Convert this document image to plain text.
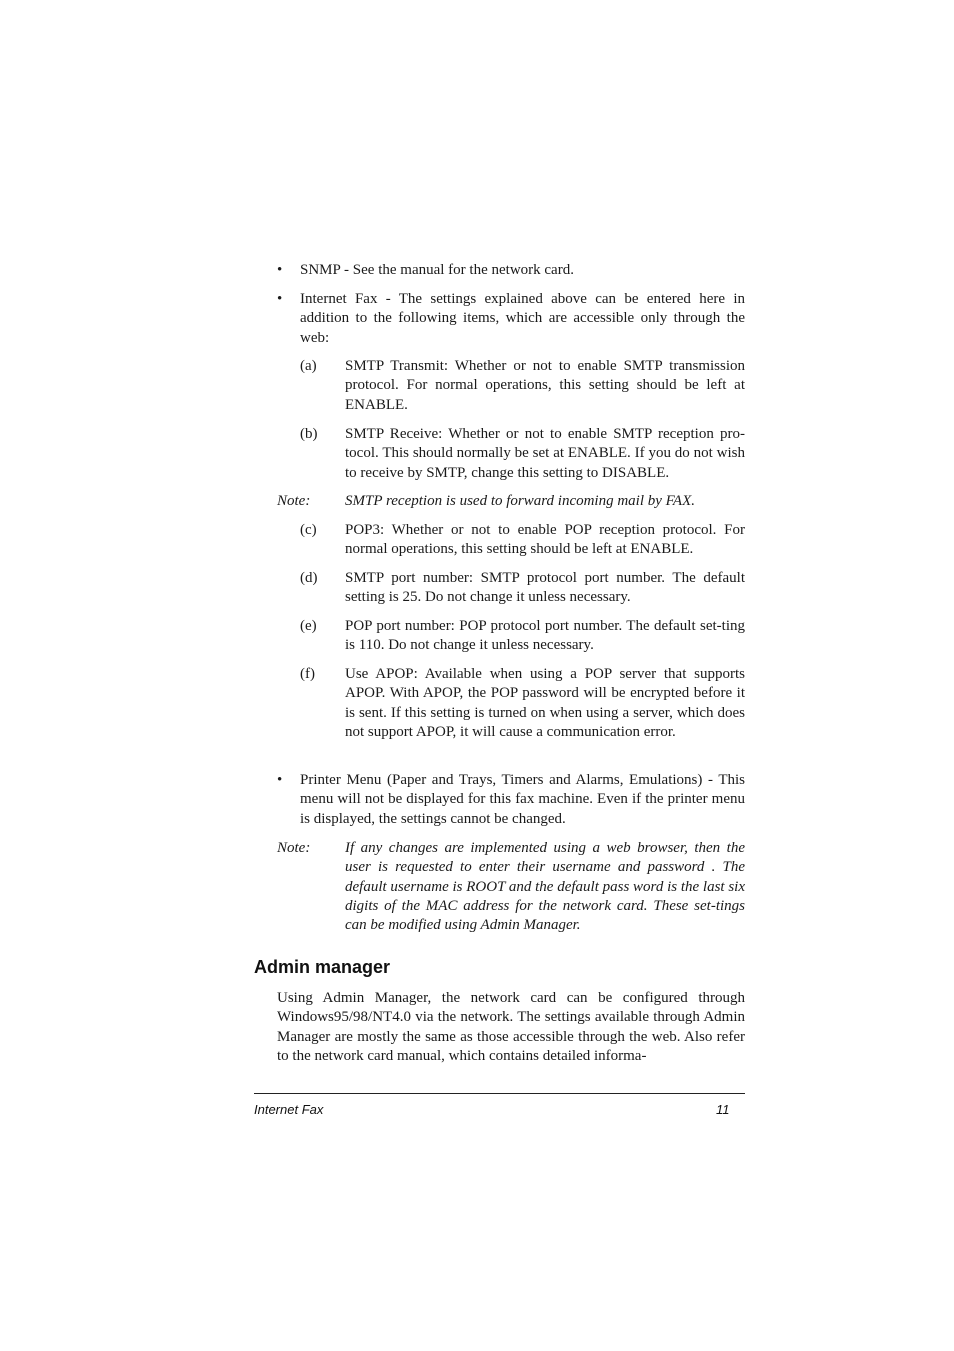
•	SNMP - See the manual for the network card.
•	Internet Fax - The settings explained above can be entered here in addition to the following items, which are accessible only through the web:
(a)	SMTP Transmit: Whether or not to enable SMTP transmission protocol. For normal operations, this setting should be left at ENABLE.
(b)	SMTP Receive: Whether or not to enable SMTP reception pro-tocol. This should normally be set at ENABLE. If you do not wish to receive by SMTP, change this setting to DISABLE.
Note:	SMTP reception is used to forward incoming mail by FAX.
(c)	POP3: Whether or not to enable POP reception protocol. For normal operations, this setting should be left at ENABLE.
(d)	SMTP port number: SMTP protocol port number. The default setting is 25. Do not change it unless necessary.
(e)	POP port number: POP protocol port number. The default set-ting is 110. Do not change it unless necessary.
(f)	Use APOP: Available when using a POP server that supports APOP. With APOP, the POP password will be encrypted before it is sent. If this setting is turned on when using a server, which does not support APOP, it will cause a communication error.
•	Printer Menu (Paper and Trays, Timers and Alarms, Emulations) - This menu will not be displayed for this fax machine. Even if the printer menu is displayed, the settings cannot be changed.
Note:	If any changes are implemented using a web browser, then the user is requested to enter their username and password . The default username is ROOT and the default pass word is the last six digits of the MAC address for the network card. These set-tings can be modified using Admin Manager.
Admin manager
Using Admin Manager, the network card can be configured through Windows95/98/NT4.0 via the network. The settings available through Admin Manager are mostly the same as those accessible through the web. Also refer to the network card manual, which contains detailed informa-
Internet Fax	11
